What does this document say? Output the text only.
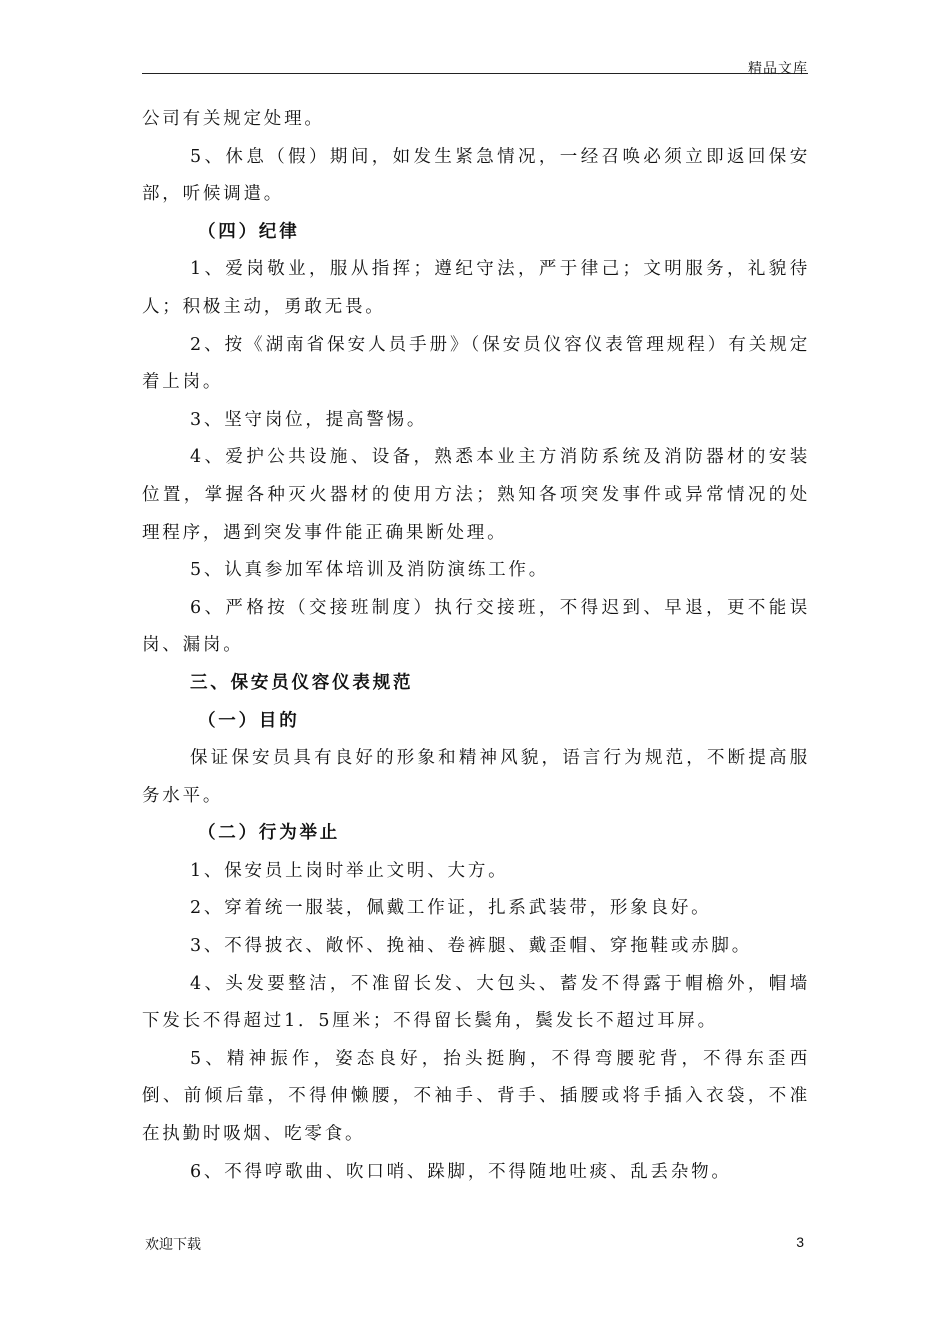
精品文库

公司有关规定处理。

5、休息（假）期间，如发生紧急情况，一经召唤必须立即返回保安部，听候调遣。

（四）纪律

1、爱岗敬业，服从指挥；遵纪守法，严于律己；文明服务，礼貌待人；积极主动，勇敢无畏。

2、按《湖南省保安人员手册》（保安员仪容仪表管理规程）有关规定着上岗。

3、坚守岗位，提高警惕。

4、爱护公共设施、设备，熟悉本业主方消防系统及消防器材的安装位置，掌握各种灭火器材的使用方法；熟知各项突发事件或异常情况的处理程序，遇到突发事件能正确果断处理。

5、认真参加军体培训及消防演练工作。

6、严格按（交接班制度）执行交接班，不得迟到、早退，更不能误岗、漏岗。

三、保安员仪容仪表规范

（一）目的

保证保安员具有良好的形象和精神风貌，语言行为规范，不断提高服务水平。

（二）行为举止

1、保安员上岗时举止文明、大方。

2、穿着统一服装，佩戴工作证，扎系武装带，形象良好。

3、不得披衣、敞怀、挽袖、卷裤腿、戴歪帽、穿拖鞋或赤脚。

4、头发要整洁，不准留长发、大包头、蓄发不得露于帽檐外，帽墙下发长不得超过1．5厘米；不得留长鬓角，鬓发长不超过耳屏。

5、精神振作，姿态良好，抬头挺胸，不得弯腰驼背，不得东歪西倒、前倾后靠，不得伸懒腰，不袖手、背手、插腰或将手插入衣袋，不准在执勤时吸烟、吃零食。

6、不得哼歌曲、吹口哨、跺脚，不得随地吐痰、乱丢杂物。

欢迎下载	3
